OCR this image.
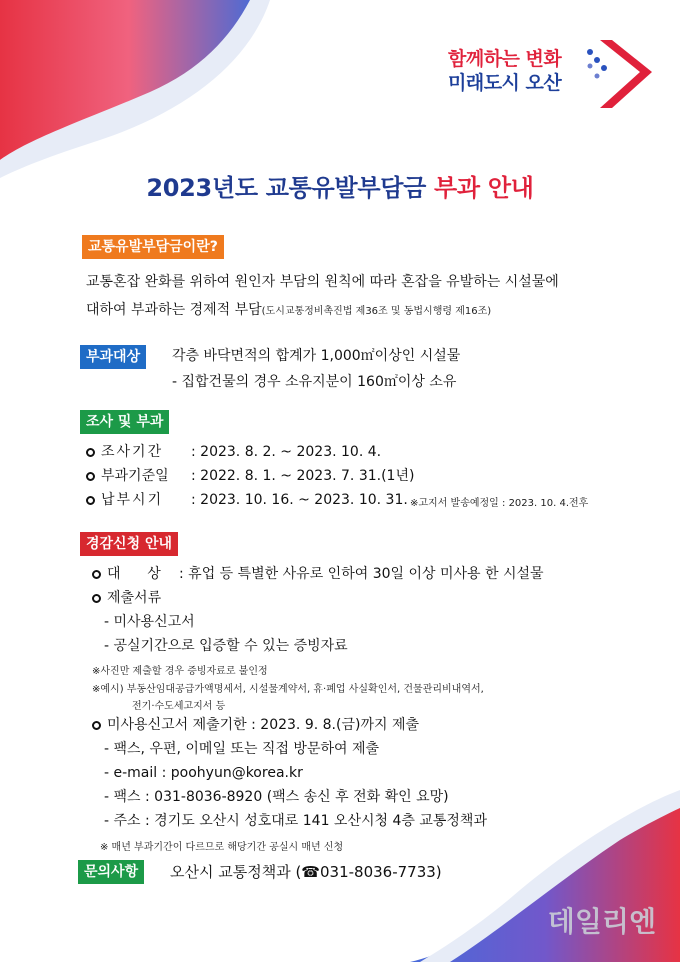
함께하는 변화
미래도시 오산
2023년도 교통유발부담금 부과 안내
교통유발부담금이란?
교통혼잡 완화를 위하여 원인자 부담의 원칙에 따라 혼잡을 유발하는 시설물에
대하여 부과하는 경제적 부담(도시교통정비촉진법 제36조 및 동법시행령 제16조)
부과대상	각층 바닥면적의 합계가 1,000㎡이상인 시설물
- 집합건물의 경우 소유지분이 160㎡이상 소유
조사 및 부과
조사기간 : 2023. 8. 2. ~ 2023. 10. 4.
부과기준일 : 2022. 8. 1. ~ 2023. 7. 31.(1년)
납부시기 : 2023. 10. 16. ~ 2023. 10. 31. ※고지서 발송예정일 : 2023. 10. 4.전후
경감신청 안내
대      상 : 휴업 등 특별한 사유로 인하여 30일 이상 미사용 한 시설물
제출서류
- 미사용신고서
- 공실기간으로 입증할 수 있는 증빙자료
※사진만 제출할 경우 증빙자료로 불인정
※예시) 부동산임대공급가액명세서, 시설물계약서, 휴·폐업 사실확인서, 건물관리비내역서,
전기·수도세고지서 등
미사용신고서 제출기한 : 2023. 9. 8.(금)까지 제출
- 팩스, 우편, 이메일 또는 직접 방문하여 제출
- e-mail : poohyun@korea.kr
- 팩스 : 031-8036-8920 (팩스 송신 후 전화 확인 요망)
- 주소 : 경기도 오산시 성호대로 141 오산시청 4층 교통정책과
※ 매년 부과기간이 다르므로 해당기간 공실시 매년 신청
문의사항	오산시 교통정책과 (☎031-8036-7733)
데일리엔
